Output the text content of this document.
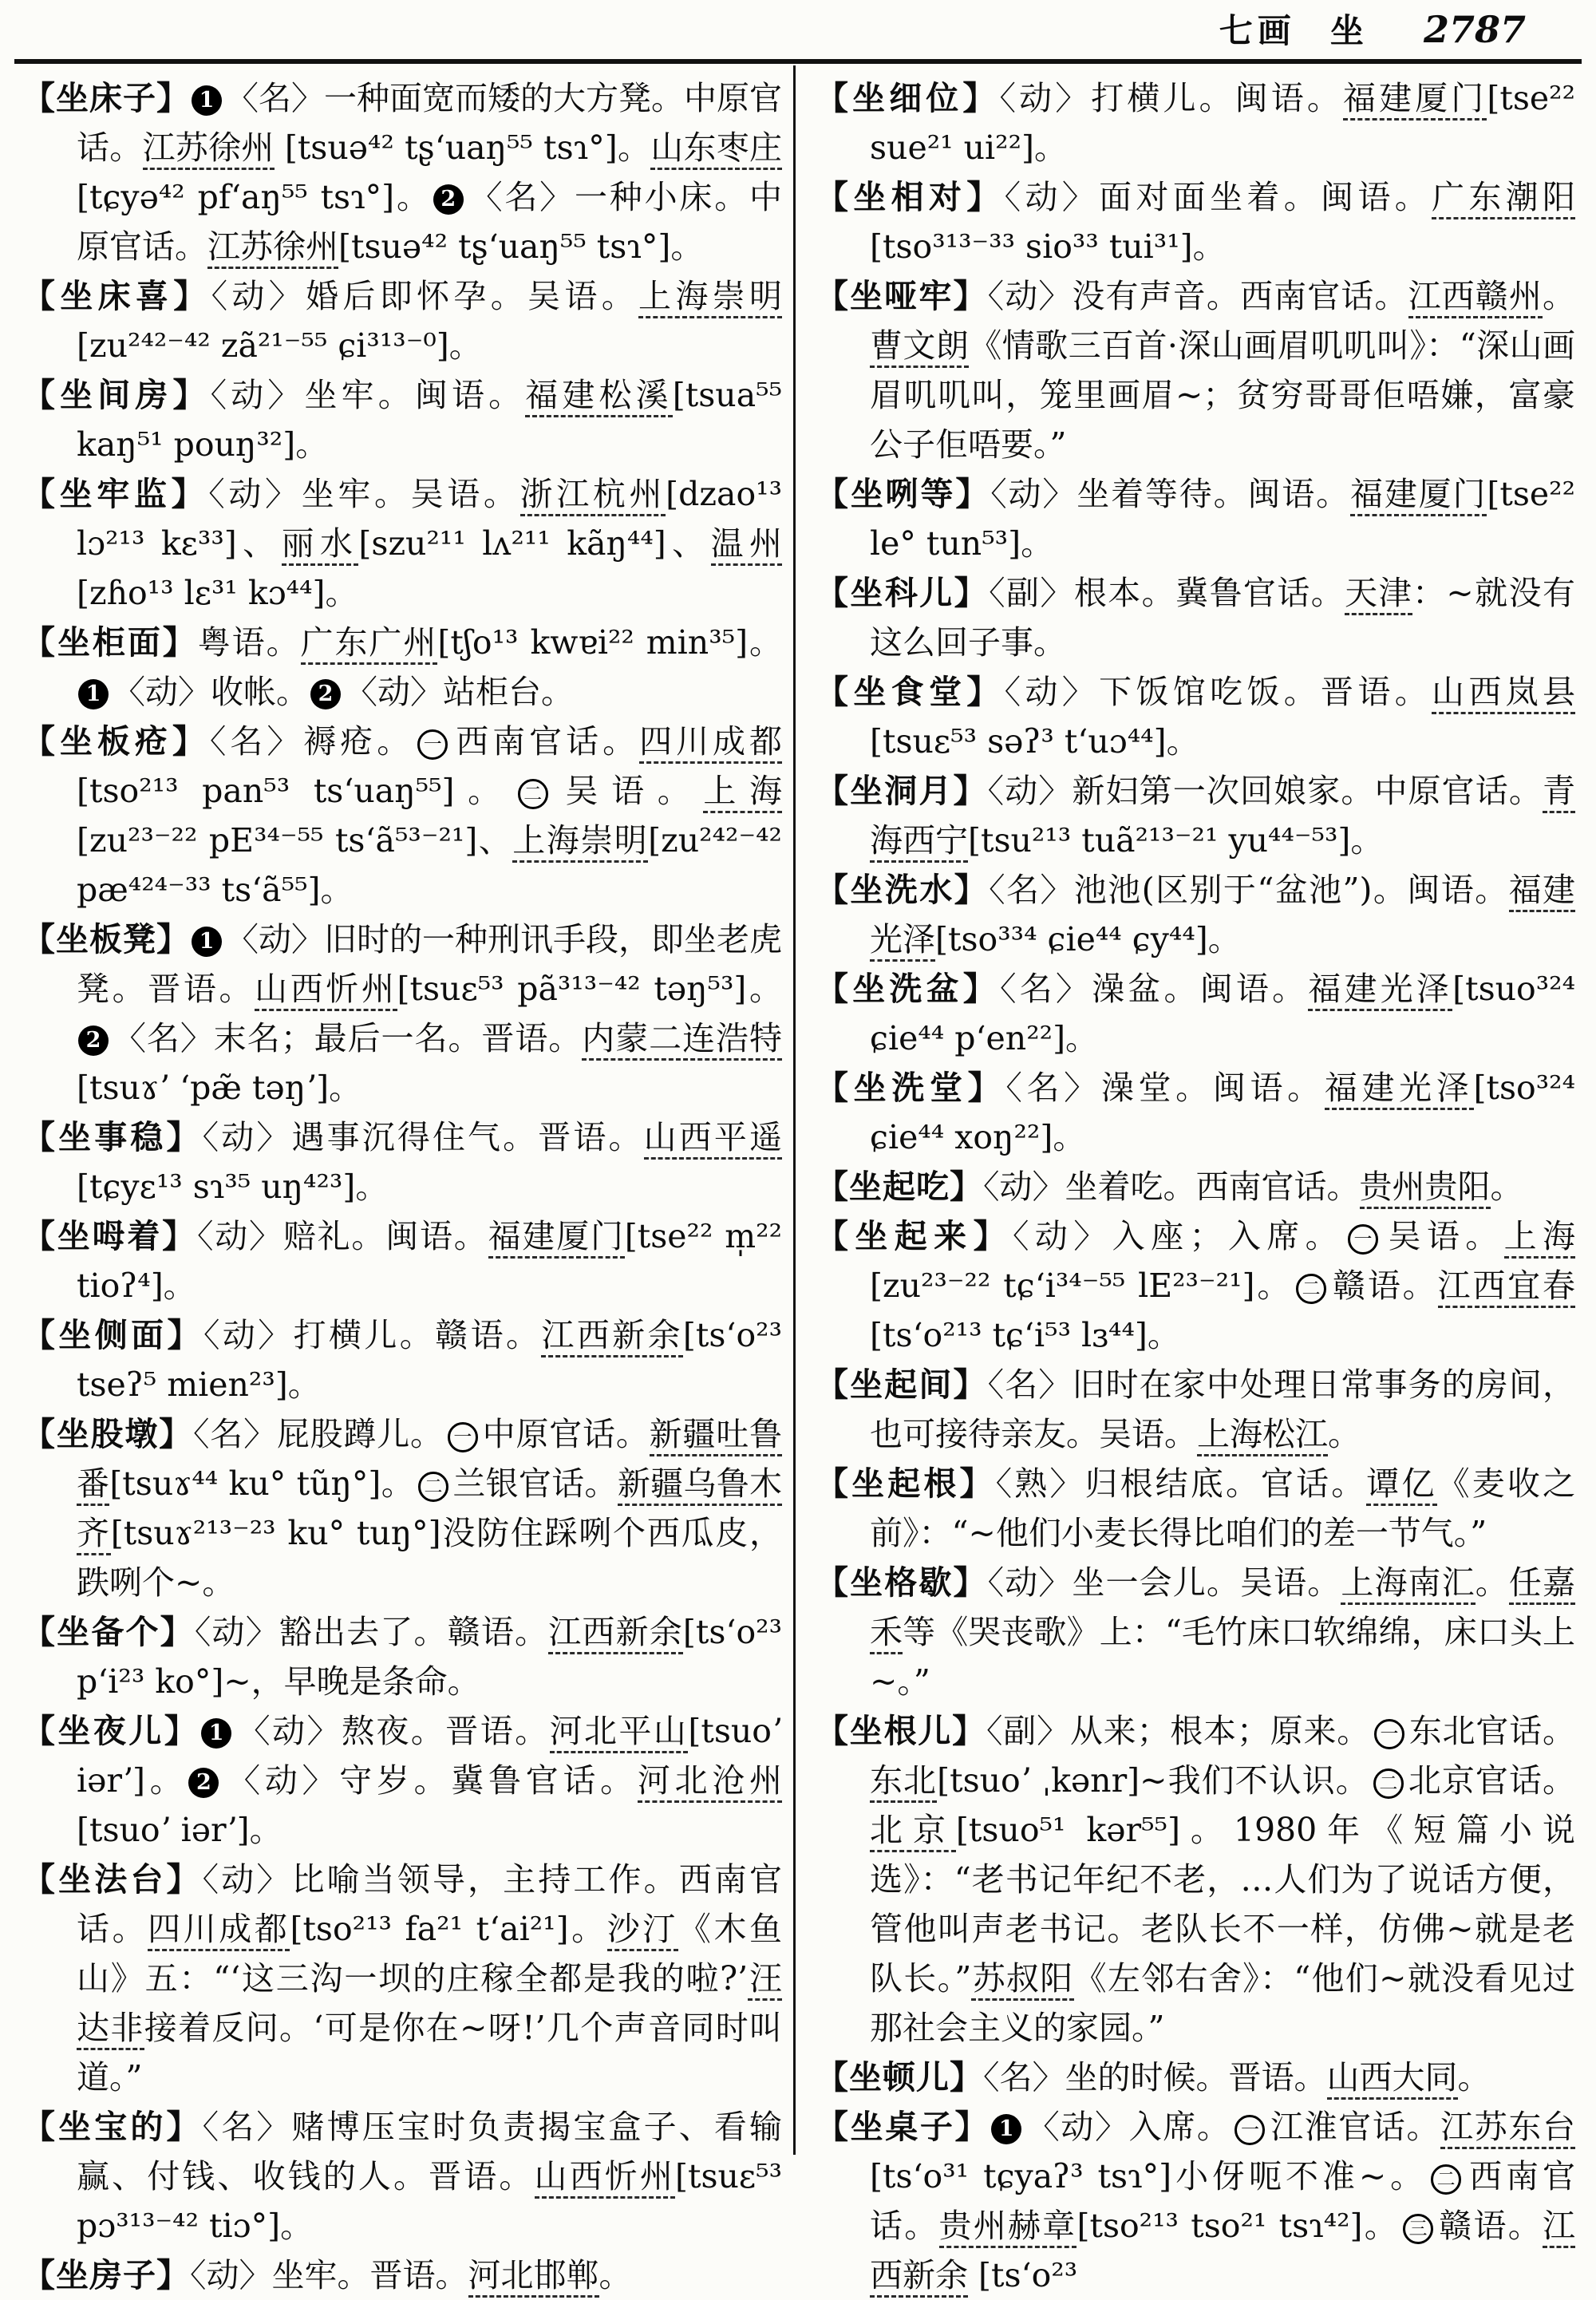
七画 坐 2787

【坐床子】 1 〈名〉一种面宽而矮的大方凳。中原官话。江苏徐州 [tsuə⁴² tʂʻuaŋ⁵⁵ tsɿ°]。山东枣庄[tɕyə⁴² pfʻaŋ⁵⁵ tsɿ°]。 2 〈名〉一种小床。中原官话。江苏徐州[tsuə⁴² tʂʻuaŋ⁵⁵ tsɿ°]。

【坐床喜】〈动〉婚后即怀孕。吴语。上海崇明[zu²⁴²⁻⁴² zã²¹⁻⁵⁵ ɕi³¹³⁻⁰]。

【坐间房】〈动〉坐牢。闽语。福建松溪[tsua⁵⁵ kaŋ⁵¹ pouŋ³²]。

【坐牢监】〈动〉坐牢。吴语。浙江杭州[dzao¹³ lɔ²¹³ kɛ³³]、丽水[szu²¹¹ lʌ²¹¹ kãŋ⁴⁴]、温州[zɦo¹³ lɛ³¹ kɔ⁴⁴]。

【坐柜面】粤语。广东广州[tʃo¹³ kwɐi²² min³⁵]。1 〈动〉收帐。 2 〈动〉站柜台。

【坐板疮】〈名〉褥疮。 一 西南官话。四川成都[tso²¹³ pan⁵³ tsʻuaŋ⁵⁵]。 二 吴语。上海[zu²³⁻²² pE³⁴⁻⁵⁵ tsʻã⁵³⁻²¹]、上海崇明[zu²⁴²⁻⁴² pæ⁴²⁴⁻³³ tsʻã⁵⁵]。

【坐板凳】 1 〈动〉旧时的一种刑讯手段，即坐老虎凳。晋语。山西忻州[tsuɛ⁵³ pã³¹³⁻⁴² təŋ⁵³]。2 〈名〉末名；最后一名。晋语。内蒙二连浩特[tsuɤʼ ʻpæ̃ təŋʼ]。

【坐事稳】〈动〉遇事沉得住气。晋语。山西平遥[tɕyɛ¹³ sɿ³⁵ uŋ⁴²³]。

【坐呣着】〈动〉赔礼。闽语。福建厦门[tse²² m̩²² tioʔ⁴]。

【坐侧面】〈动〉打横儿。赣语。江西新余[tsʻo²³ tseʔ⁵ mien²³]。

【坐股墩】〈名〉屁股蹲儿。 一 中原官话。新疆吐鲁番[tsuɤ⁴⁴ ku° tũŋ°]。 二 兰银官话。新疆乌鲁木齐[tsuɤ²¹³⁻²³ ku° tuŋ°]没防住踩咧个西瓜皮，跌咧个~。

【坐备个】〈动〉豁出去了。赣语。江西新余[tsʻo²³ pʻi²³ ko°]~，早晚是条命。

【坐夜儿】 1 〈动〉熬夜。晋语。河北平山[tsuoʼ iərʼ]。 2 〈动〉守岁。冀鲁官话。河北沧州[tsuoʼ iərʼ]。

【坐法台】〈动〉比喻当领导，主持工作。西南官话。四川成都[tso²¹³ fa²¹ tʻai²¹]。沙汀《木鱼山》五：“‘这三沟一坝的庄稼全都是我的啦?’汪达非接着反问。‘可是你在~呀!’几个声音同时叫道。”

【坐宝的】〈名〉赌博压宝时负责揭宝盒子、看输赢、付钱、收钱的人。晋语。山西忻州[tsuɛ⁵³ pɔ³¹³⁻⁴² tiɔ°]。

【坐房子】〈动〉坐牢。晋语。河北邯郸。

【坐细位】〈动〉打横儿。闽语。福建厦门[tse²² sue²¹ ui²²]。

【坐相对】〈动〉面对面坐着。闽语。广东潮阳[tso³¹³⁻³³ sio³³ tui³¹]。

【坐哑牢】〈动〉没有声音。西南官话。江西赣州。曹文朗《情歌三百首·深山画眉叽叽叫》：“深山画眉叽叽叫，笼里画眉~；贫穷哥哥佢唔嫌，富豪公子佢唔要。”

【坐咧等】〈动〉坐着等待。闽语。福建厦门[tse²² le° tun⁵³]。

【坐科儿】〈副〉根本。冀鲁官话。天津：~就没有这么回子事。

【坐食堂】〈动〉下饭馆吃饭。晋语。山西岚县[tsuɛ⁵³ səʔ³ tʻuɔ⁴⁴]。

【坐洞月】〈动〉新妇第一次回娘家。中原官话。青海西宁[tsu²¹³ tuã²¹³⁻²¹ yu⁴⁴⁻⁵³]。

【坐洗水】〈名〉池池(区别于“盆池”)。闽语。福建光泽[tso³³⁴ ɕie⁴⁴ ɕy⁴⁴]。

【坐洗盆】〈名〉澡盆。闽语。福建光泽[tsuo³²⁴ ɕie⁴⁴ pʻen²²]。

【坐洗堂】〈名〉澡堂。闽语。福建光泽[tso³²⁴ ɕie⁴⁴ xoŋ²²]。

【坐起吃】〈动〉坐着吃。西南官话。贵州贵阳。

【坐起来】〈动〉入座；入席。 一 吴语。上海[zu²³⁻²² tɕʻi³⁴⁻⁵⁵ lE²³⁻²¹]。 二 赣语。江西宜春[tsʻo²¹³ tɕʻi⁵³ lɜ⁴⁴]。

【坐起间】〈名〉旧时在家中处理日常事务的房间，也可接待亲友。吴语。上海松江。

【坐起根】〈熟〉归根结底。官话。谭亿《麦收之前》：“~他们小麦长得比咱们的差一节气。”

【坐格歇】〈动〉坐一会儿。吴语。上海南汇。任嘉禾等《哭丧歌》上：“毛竹床口软绵绵，床口头上~。”

【坐根儿】〈副〉从来；根本；原来。 一 东北官话。东北[tsuoʼ ˌkənr]~我们不认识。 二 北京官话。北京[tsuo⁵¹ kər⁵⁵]。1980年《短篇小说选》：“老书记年纪不老，…人们为了说话方便，管他叫声老书记。老队长不一样，仿佛~就是老队长。”苏叔阳《左邻右舍》：“他们~就没看见过那社会主义的家园。”

【坐顿儿】〈名〉坐的时候。晋语。山西大同。

【坐桌子】 1 〈动〉入席。 一 江淮官话。江苏东台[tsʻo³¹ tɕyaʔ³ tsɿ°]小伢呃不准~。 二 西南官话。贵州赫章[tso²¹³ tso²¹ tsɿ⁴²]。 三 赣语。江西新余 [tsʻo²³
